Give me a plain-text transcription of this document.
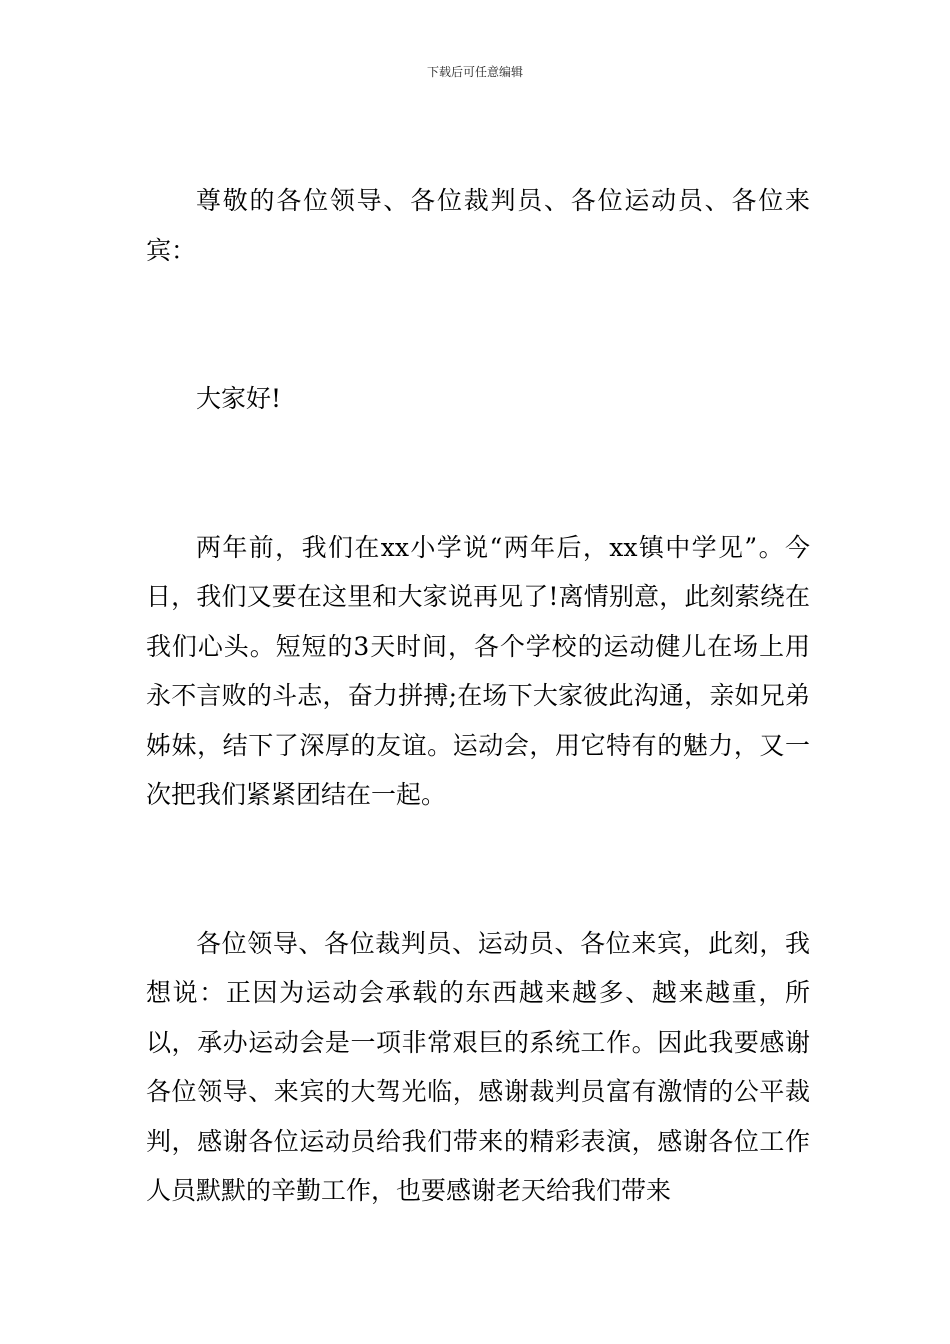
下载后可任意编辑

尊敬的各位领导、各位裁判员、各位运动员、各位来宾：

大家好!

两年前，我们在xx小学说“两年后，xx镇中学见”。今日，我们又要在这里和大家说再见了!离情别意，此刻萦绕在我们心头。短短的3天时间，各个学校的运动健儿在场上用永不言败的斗志，奋力拼搏;在场下大家彼此沟通，亲如兄弟姊妹，结下了深厚的友谊。运动会，用它特有的魅力，又一次把我们紧紧团结在一起。

各位领导、各位裁判员、运动员、各位来宾，此刻，我想说：正因为运动会承载的东西越来越多、越来越重，所以，承办运动会是一项非常艰巨的系统工作。因此我要感谢各位领导、来宾的大驾光临，感谢裁判员富有激情的公平裁判，感谢各位运动员给我们带来的精彩表演，感谢各位工作人员默默的辛勤工作，也要感谢老天给我们带来
